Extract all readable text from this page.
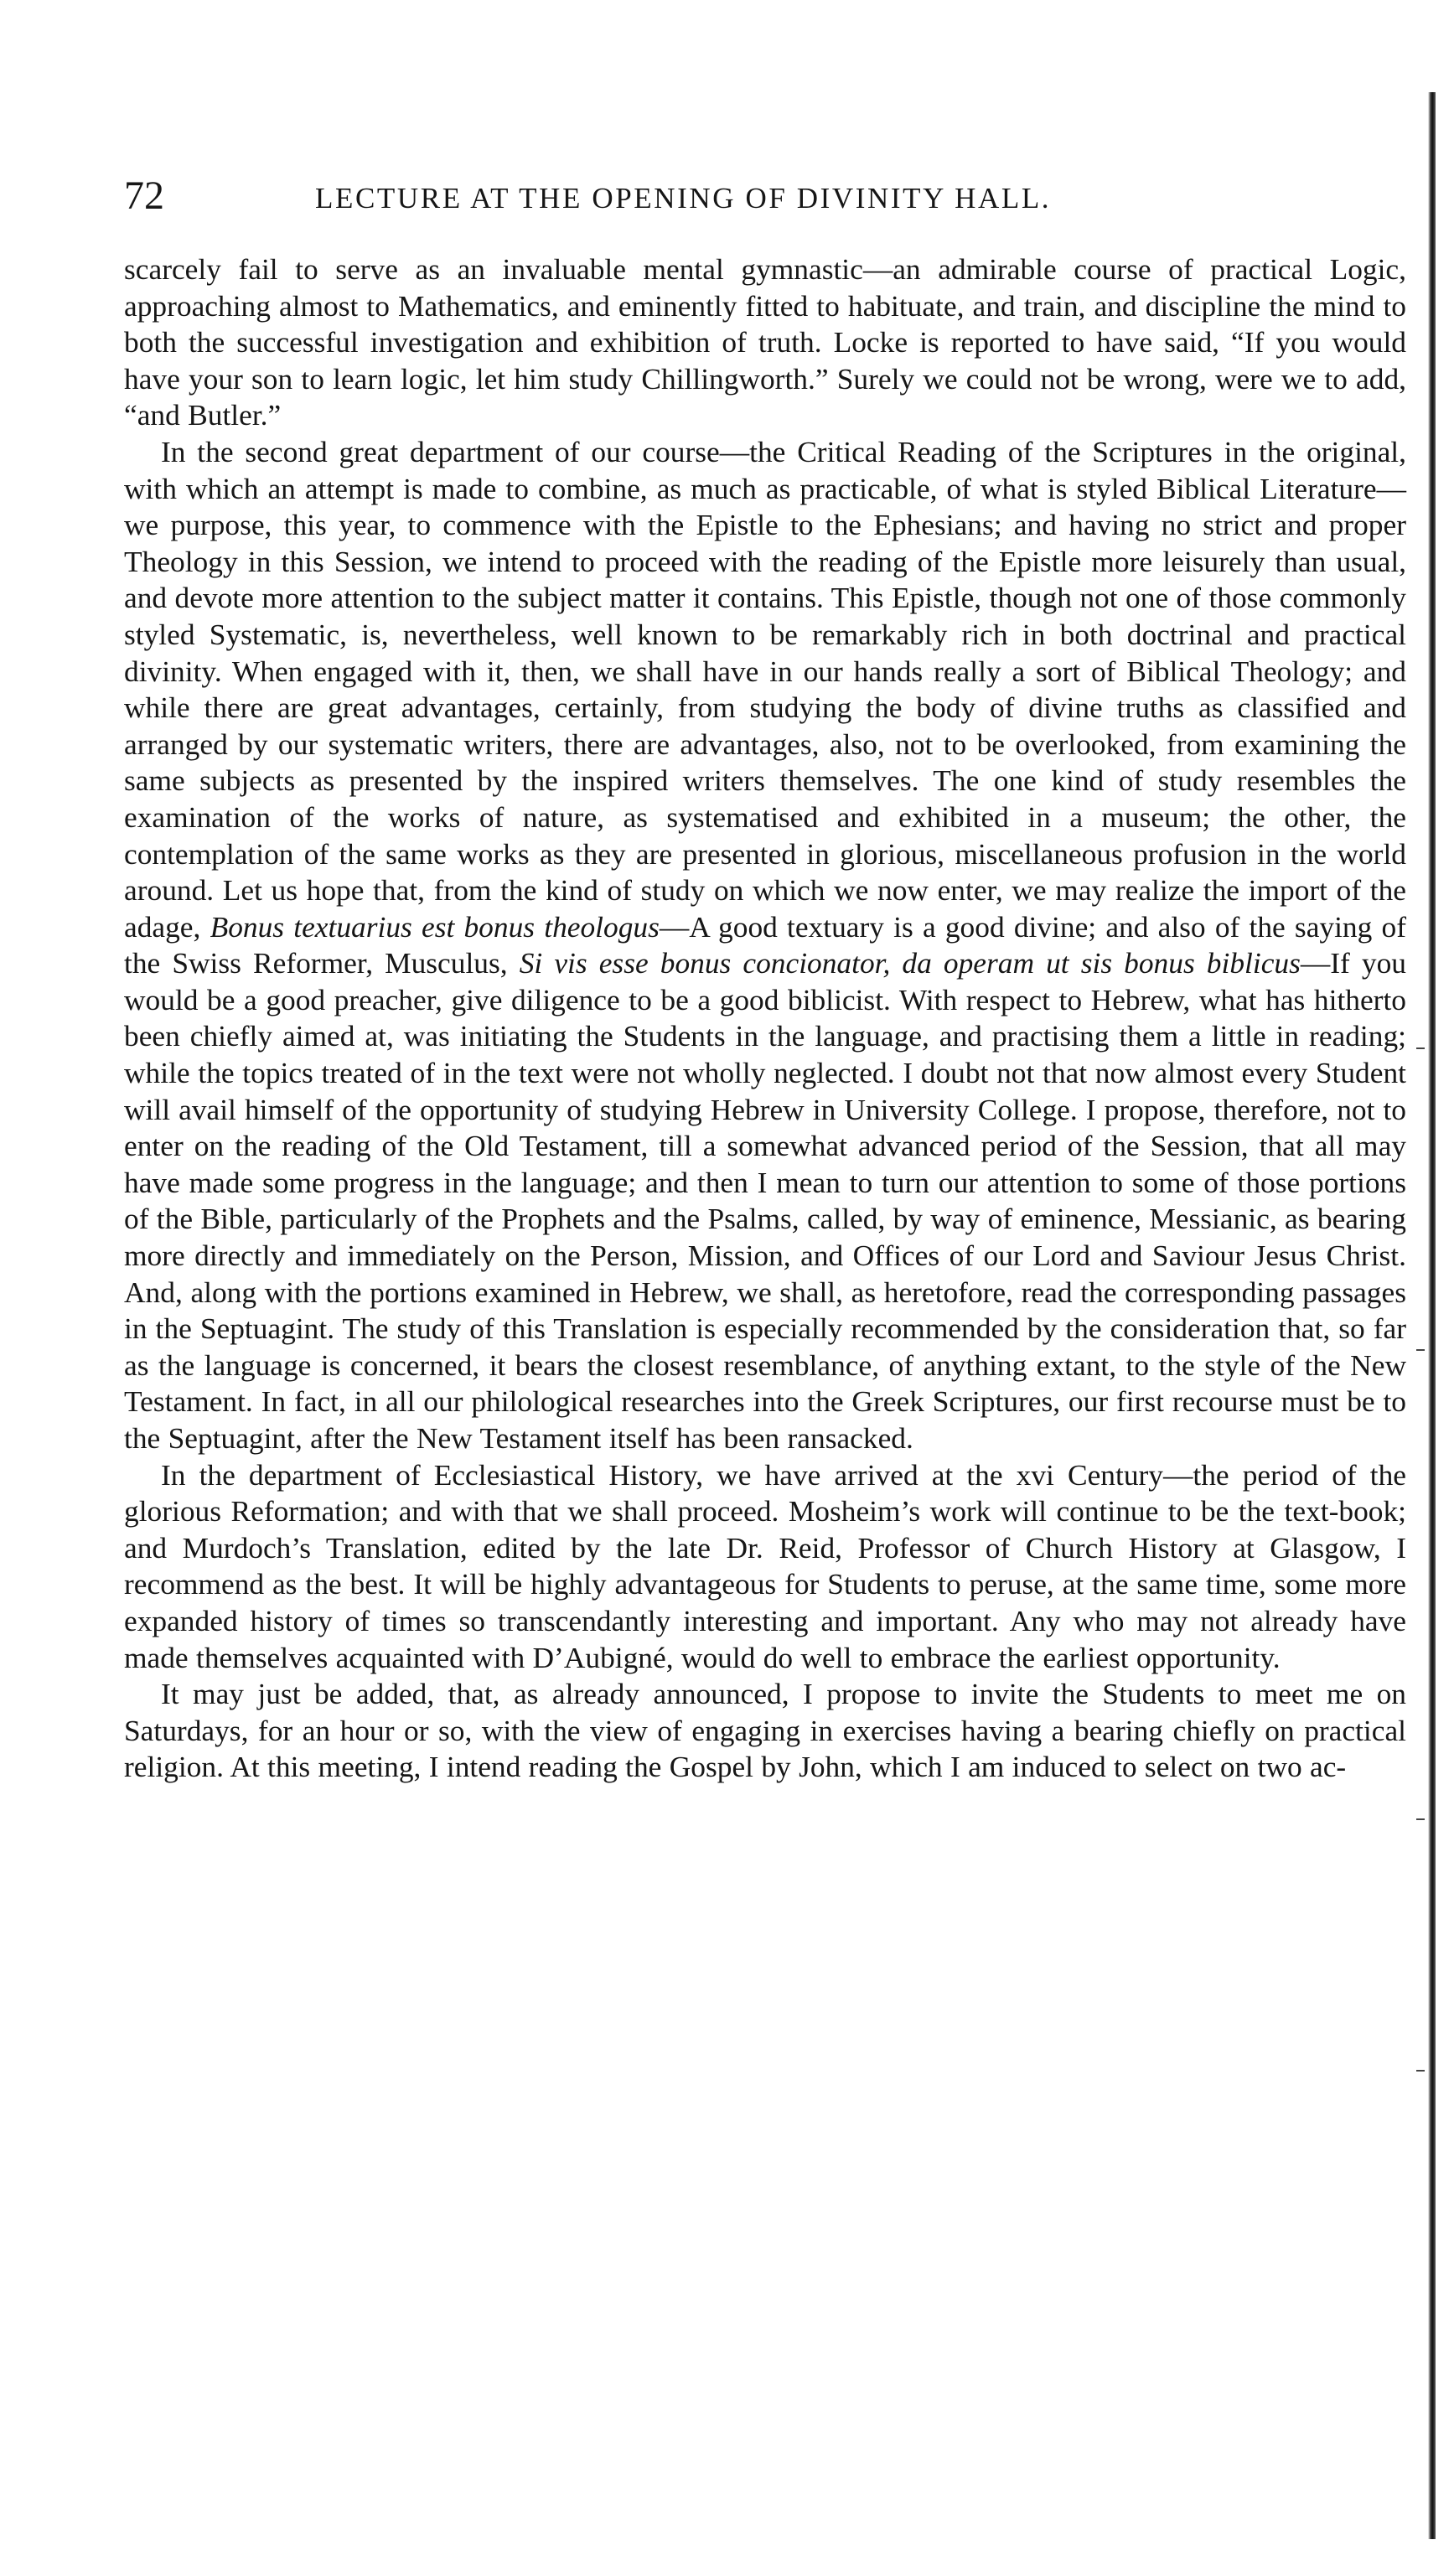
72	LECTURE AT THE OPENING OF DIVINITY HALL.

scarcely fail to serve as an invaluable mental gymnastic—an admirable course of practical Logic, approaching almost to Mathematics, and eminently fitted to habituate, and train, and discipline the mind to both the successful investigation and exhibition of truth. Locke is reported to have said, “If you would have your son to learn logic, let him study Chillingworth.” Surely we could not be wrong, were we to add, “and Butler.”

In the second great department of our course—the Critical Reading of the Scriptures in the original, with which an attempt is made to combine, as much as practicable, of what is styled Biblical Literature—we purpose, this year, to commence with the Epistle to the Ephesians; and having no strict and proper Theology in this Session, we intend to proceed with the reading of the Epistle more leisurely than usual, and devote more attention to the subject matter it contains. This Epistle, though not one of those commonly styled Systematic, is, nevertheless, well known to be remarkably rich in both doctrinal and practical divinity. When engaged with it, then, we shall have in our hands really a sort of Biblical Theology; and while there are great advantages, certainly, from studying the body of divine truths as classified and arranged by our systematic writers, there are advantages, also, not to be overlooked, from examining the same subjects as presented by the inspired writers themselves. The one kind of study resembles the examination of the works of nature, as systematised and exhibited in a museum; the other, the contemplation of the same works as they are presented in glorious, miscellaneous profusion in the world around. Let us hope that, from the kind of study on which we now enter, we may realize the import of the adage, Bonus textuarius est bonus theologus—A good textuary is a good divine; and also of the saying of the Swiss Reformer, Musculus, Si vis esse bonus concionator, da operam ut sis bonus biblicus—If you would be a good preacher, give diligence to be a good biblicist. With respect to Hebrew, what has hitherto been chiefly aimed at, was initiating the Students in the language, and practising them a little in reading; while the topics treated of in the text were not wholly neglected. I doubt not that now almost every Student will avail himself of the opportunity of studying Hebrew in University College. I propose, therefore, not to enter on the reading of the Old Testament, till a somewhat advanced period of the Session, that all may have made some progress in the language; and then I mean to turn our attention to some of those portions of the Bible, particularly of the Prophets and the Psalms, called, by way of eminence, Messianic, as bearing more directly and immediately on the Person, Mission, and Offices of our Lord and Saviour Jesus Christ. And, along with the portions examined in Hebrew, we shall, as heretofore, read the corresponding passages in the Septuagint. The study of this Translation is especially recommended by the consideration that, so far as the language is concerned, it bears the closest resemblance, of anything extant, to the style of the New Testament. In fact, in all our philological researches into the Greek Scriptures, our first recourse must be to the Septuagint, after the New Testament itself has been ransacked.

In the department of Ecclesiastical History, we have arrived at the xvi Century—the period of the glorious Reformation; and with that we shall proceed. Mosheim’s work will continue to be the text-book; and Murdoch’s Translation, edited by the late Dr. Reid, Professor of Church History at Glasgow, I recommend as the best. It will be highly advantageous for Students to peruse, at the same time, some more expanded history of times so transcendantly interesting and important. Any who may not already have made themselves acquainted with D’Aubigné, would do well to embrace the earliest opportunity.

It may just be added, that, as already announced, I propose to invite the Students to meet me on Saturdays, for an hour or so, with the view of engaging in exercises having a bearing chiefly on practical religion. At this meeting, I intend reading the Gospel by John, which I am induced to select on two ac-
